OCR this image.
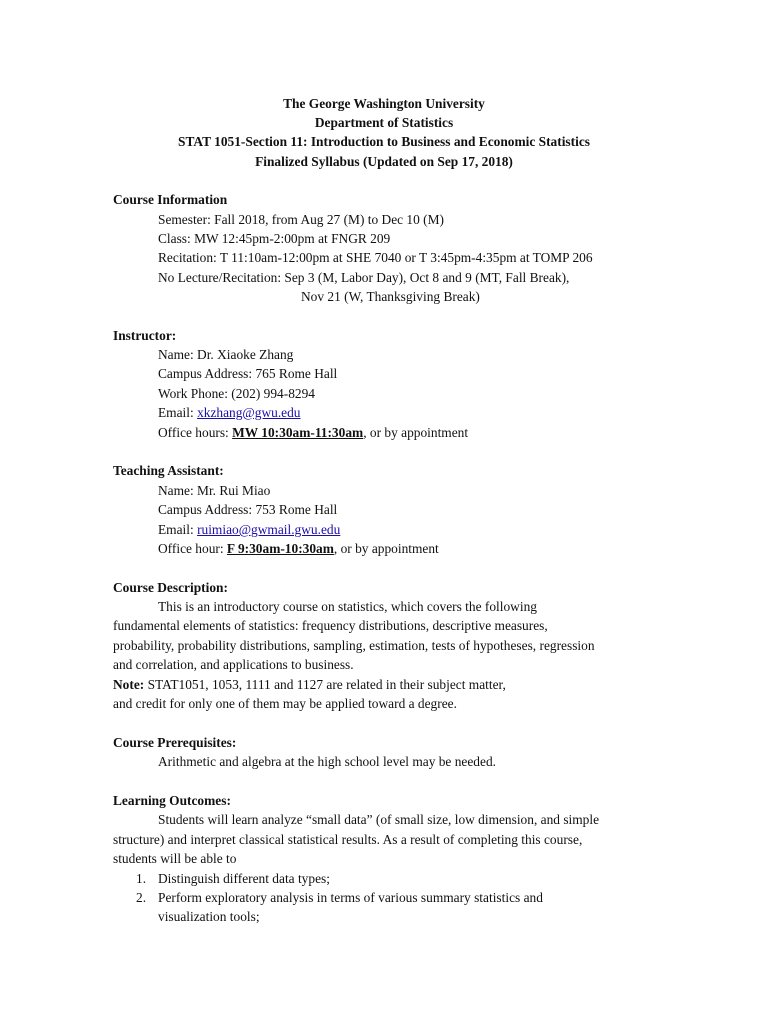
The George Washington University
Department of Statistics
STAT 1051-Section 11: Introduction to Business and Economic Statistics
Finalized Syllabus (Updated on Sep 17, 2018)
Course Information
Semester: Fall 2018, from Aug 27 (M) to Dec 10 (M)
Class: MW 12:45pm-2:00pm at FNGR 209
Recitation: T 11:10am-12:00pm at SHE 7040 or T 3:45pm-4:35pm at TOMP 206
No Lecture/Recitation: Sep 3 (M, Labor Day), Oct 8 and 9 (MT, Fall Break),
Nov 21 (W, Thanksgiving Break)
Instructor:
Name: Dr. Xiaoke Zhang
Campus Address: 765 Rome Hall
Work Phone: (202) 994-8294
Email: xkzhang@gwu.edu
Office hours: MW 10:30am-11:30am, or by appointment
Teaching Assistant:
Name: Mr. Rui Miao
Campus Address: 753 Rome Hall
Email: ruimiao@gwmail.gwu.edu
Office hour: F 9:30am-10:30am, or by appointment
Course Description:
This is an introductory course on statistics, which covers the following
fundamental elements of statistics: frequency distributions, descriptive measures,
probability, probability distributions, sampling, estimation, tests of hypotheses, regression
and correlation, and applications to business.
Note: STAT1051, 1053, 1111 and 1127 are related in their subject matter,
and credit for only one of them may be applied toward a degree.
Course Prerequisites:
Arithmetic and algebra at the high school level may be needed.
Learning Outcomes:
Students will learn analyze “small data” (of small size, low dimension, and simple
structure) and interpret classical statistical results. As a result of completing this course,
students will be able to
1. Distinguish different data types;
2. Perform exploratory analysis in terms of various summary statistics and
visualization tools;
